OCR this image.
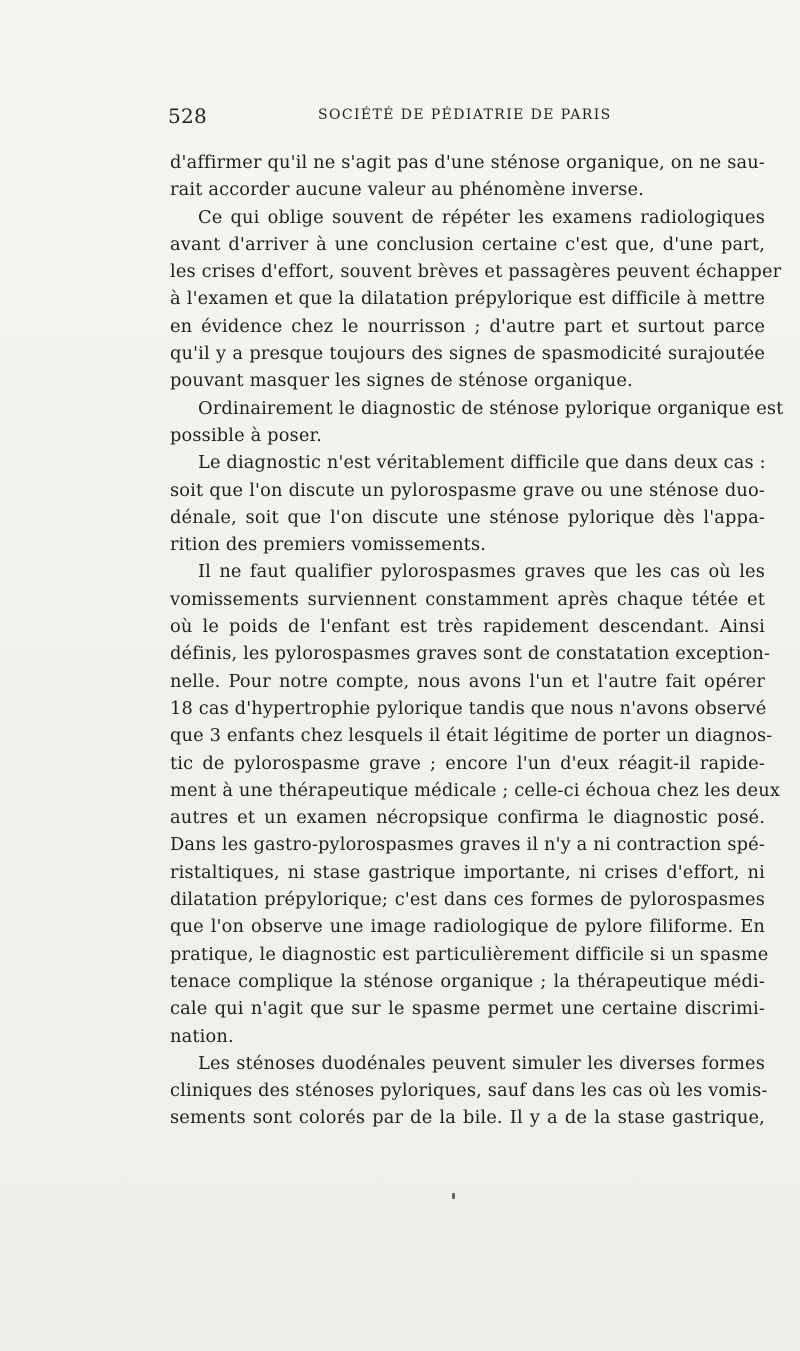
528	SOCIÉTÉ DE PÉDIATRIE DE PARIS
d'affirmer qu'il ne s'agit pas d'une sténose organique, on ne sau-
rait accorder aucune valeur au phénomène inverse.
Ce qui oblige souvent de répéter les examens radiologiques
avant d'arriver à une conclusion certaine c'est que, d'une part,
les crises d'effort, souvent brèves et passagères peuvent échapper
à l'examen et que la dilatation prépylorique est difficile à mettre
en évidence chez le nourrisson ; d'autre part et surtout parce
qu'il y a presque toujours des signes de spasmodicité surajoutée
pouvant masquer les signes de sténose organique.
Ordinairement le diagnostic de sténose pylorique organique est
possible à poser.
Le diagnostic n'est véritablement difficile que dans deux cas :
soit que l'on discute un pylorospasme grave ou une sténose duo-
dénale, soit que l'on discute une sténose pylorique dès l'appa-
rition des premiers vomissements.
Il ne faut qualifier pylorospasmes graves que les cas où les
vomissements surviennent constamment après chaque tétée et
où le poids de l'enfant est très rapidement descendant. Ainsi
définis, les pylorospasmes graves sont de constatation exception-
nelle. Pour notre compte, nous avons l'un et l'autre fait opérer
18 cas d'hypertrophie pylorique tandis que nous n'avons observé
que 3 enfants chez lesquels il était légitime de porter un diagnos-
tic de pylorospasme grave ; encore l'un d'eux réagit-il rapide-
ment à une thérapeutique médicale ; celle-ci échoua chez les deux
autres et un examen nécropsique confirma le diagnostic posé.
Dans les gastro-pylorospasmes graves il n'y a ni contraction spé-
ristaltiques, ni stase gastrique importante, ni crises d'effort, ni
dilatation prépylorique; c'est dans ces formes de pylorospasmes
que l'on observe une image radiologique de pylore filiforme. En
pratique, le diagnostic est particulièrement difficile si un spasme
tenace complique la sténose organique ; la thérapeutique médi-
cale qui n'agit que sur le spasme permet une certaine discrimi-
nation.
Les sténoses duodénales peuvent simuler les diverses formes
cliniques des sténoses pyloriques, sauf dans les cas où les vomis-
sements sont colorés par de la bile. Il y a de la stase gastrique,
